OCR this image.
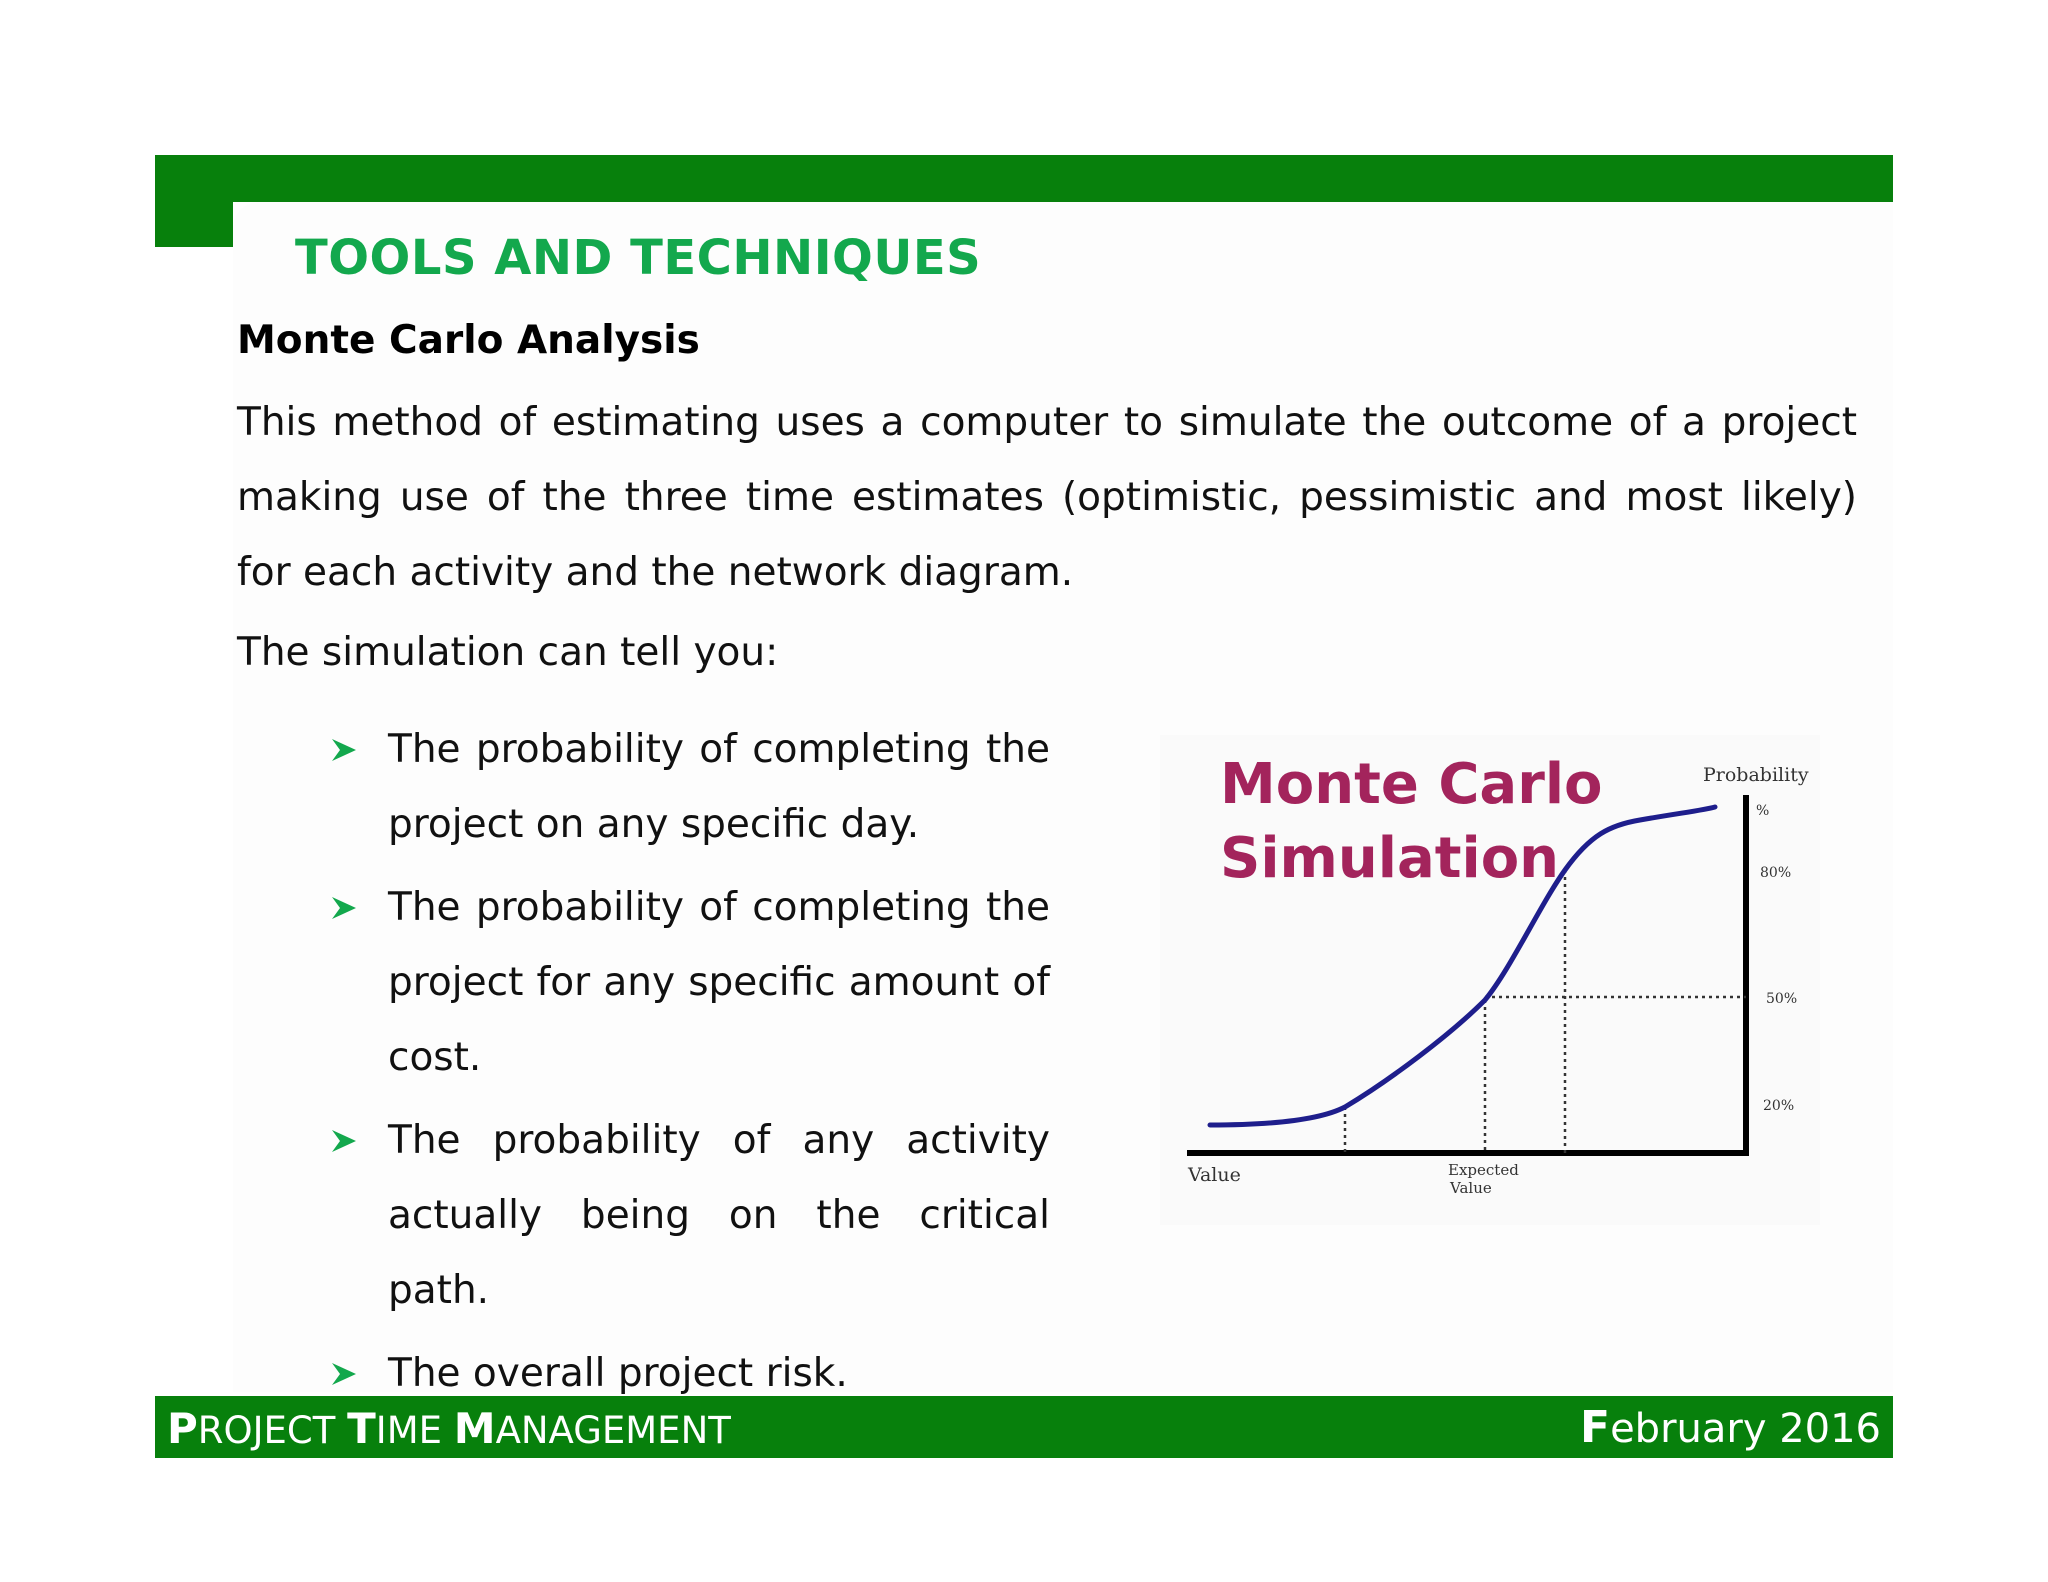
TOOLS AND TECHNIQUES
Monte Carlo Analysis
This method of estimating uses a computer to simulate the outcome of a project making use of the three time estimates (optimistic, pessimistic and most likely) for each activity and the network diagram.
The simulation can tell you:
The probability of completing the project on any specific day.
The probability of completing the project for any specific amount of cost.
The probability of any activity actually being on the critical path.
The overall project risk.
Monte Carlo
Simulation
Probability
%
80%
50%
20%
Value	Expected
Value
PROJECT TIME MANAGEMENT	February 2016
